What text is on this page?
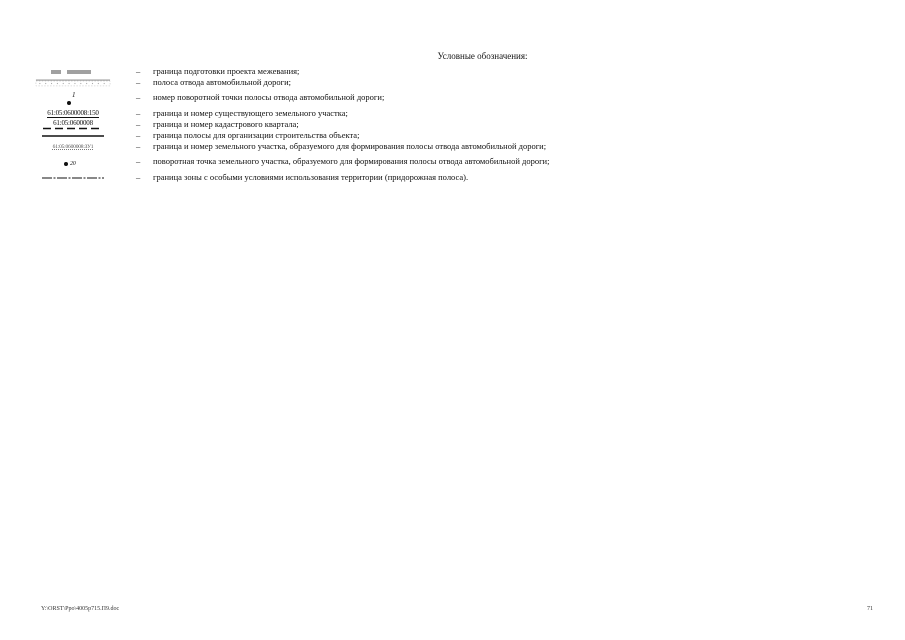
Условные обозначения:
– граница подготовки проекта межевания;
– полоса отвода автомобильной дороги;
1	– номер поворотной точки полосы отвода автомобильной дороги;
61:05:0600008:150	– граница и номер существующего земельного участка;
61:05:0600008	– граница и номер кадастрового квартала;
– граница полосы для организации строительства объекта;
61:05:0600008:ЗУ1	– граница и номер земельного участка, образуемого для формирования полосы отвода автомобильной дороги;
20	– поворотная точка земельного участка, образуемого для формирования полосы отвода автомобильной дороги;
– граница зоны с особыми условиями использования территории (придорожная полоса).
Y:\ORST\Ppo\4005p715.П9.doc	71
